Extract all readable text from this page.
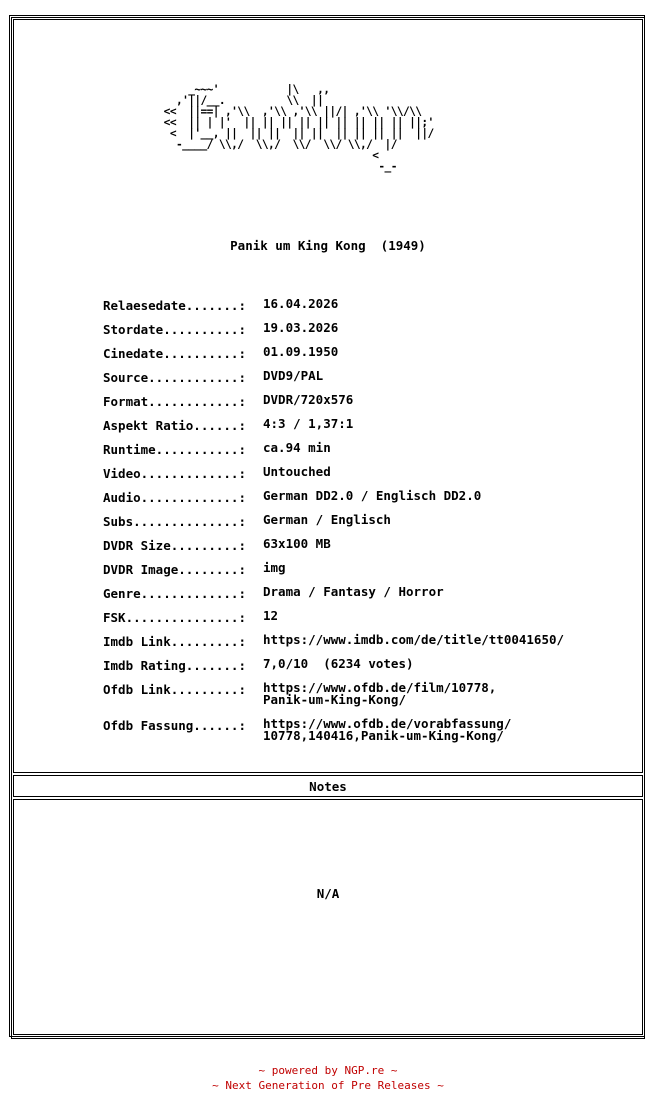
_~~~'           |\   ,,
,'||/__.          \\  ||
<<  ||==| ,'\\  ,'\\ ,'\\ ||/| ,'\\ '\\/\\
<<  || | |'  || || || || || || || || || ||;'
<  |'__, ||  || ||  || ||  || || || ||  ||/
-____/ \\,/  \\,/  \\/  \\/ \\,/  |/
<
-_-
Panik um King Kong  (1949)
Relaesedate.......:	16.04.2026
Stordate..........:	19.03.2026
Cinedate..........:	01.09.1950
Source............:	DVD9/PAL
Format............:	DVDR/720x576
Aspekt Ratio......:	4:3 / 1,37:1
Runtime...........:	ca.94 min
Video.............:	Untouched
Audio.............:	German DD2.0 / Englisch DD2.0
Subs..............:	German / Englisch
DVDR Size.........:	63x100 MB
DVDR Image........:	img
Genre.............:	Drama / Fantasy / Horror
FSK...............:	12
Imdb Link.........:	https://www.imdb.com/de/title/tt0041650/
Imdb Rating.......:	7,0/10  (6234 votes)
Ofdb Link.........:	https://www.ofdb.de/film/10778,
Panik-um-King-Kong/
Ofdb Fassung......:	https://www.ofdb.de/vorabfassung/
10778,140416,Panik-um-King-Kong/
Notes
N/A
~ powered by NGP.re ~
~ Next Generation of Pre Releases ~
